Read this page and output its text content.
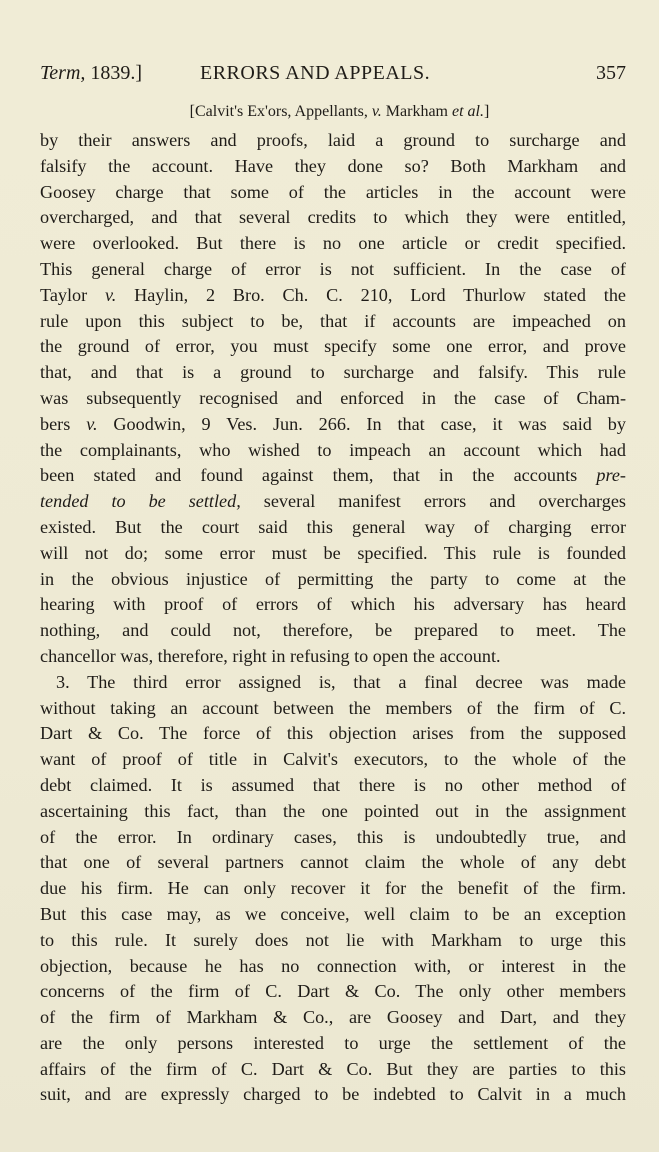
Term, 1839.]	ERRORS AND APPEALS.	357
[Calvit's Ex'ors, Appellants, v. Markham et al.]
by their answers and proofs, laid a ground to surcharge and
falsify the account. Have they done so? Both Markham and
Goosey charge that some of the articles in the account were
overcharged, and that several credits to which they were entitled,
were overlooked. But there is no one article or credit specified.
This general charge of error is not sufficient. In the case of
Taylor v. Haylin, 2 Bro. Ch. C. 210, Lord Thurlow stated the
rule upon this subject to be, that if accounts are impeached on
the ground of error, you must specify some one error, and prove
that, and that is a ground to surcharge and falsify. This rule
was subsequently recognised and enforced in the case of Cham-
bers v. Goodwin, 9 Ves. Jun. 266. In that case, it was said by
the complainants, who wished to impeach an account which had
been stated and found against them, that in the accounts pre-
tended to be settled, several manifest errors and overcharges
existed. But the court said this general way of charging error
will not do; some error must be specified. This rule is founded
in the obvious injustice of permitting the party to come at the
hearing with proof of errors of which his adversary has heard
nothing, and could not, therefore, be prepared to meet. The
chancellor was, therefore, right in refusing to open the account.
3. The third error assigned is, that a final decree was made
without taking an account between the members of the firm of C.
Dart & Co. The force of this objection arises from the supposed
want of proof of title in Calvit's executors, to the whole of the
debt claimed. It is assumed that there is no other method of
ascertaining this fact, than the one pointed out in the assignment
of the error. In ordinary cases, this is undoubtedly true, and
that one of several partners cannot claim the whole of any debt
due his firm. He can only recover it for the benefit of the firm.
But this case may, as we conceive, well claim to be an exception
to this rule. It surely does not lie with Markham to urge this
objection, because he has no connection with, or interest in the
concerns of the firm of C. Dart & Co. The only other members
of the firm of Markham & Co., are Goosey and Dart, and they
are the only persons interested to urge the settlement of the
affairs of the firm of C. Dart & Co. But they are parties to this
suit, and are expressly charged to be indebted to Calvit in a much
